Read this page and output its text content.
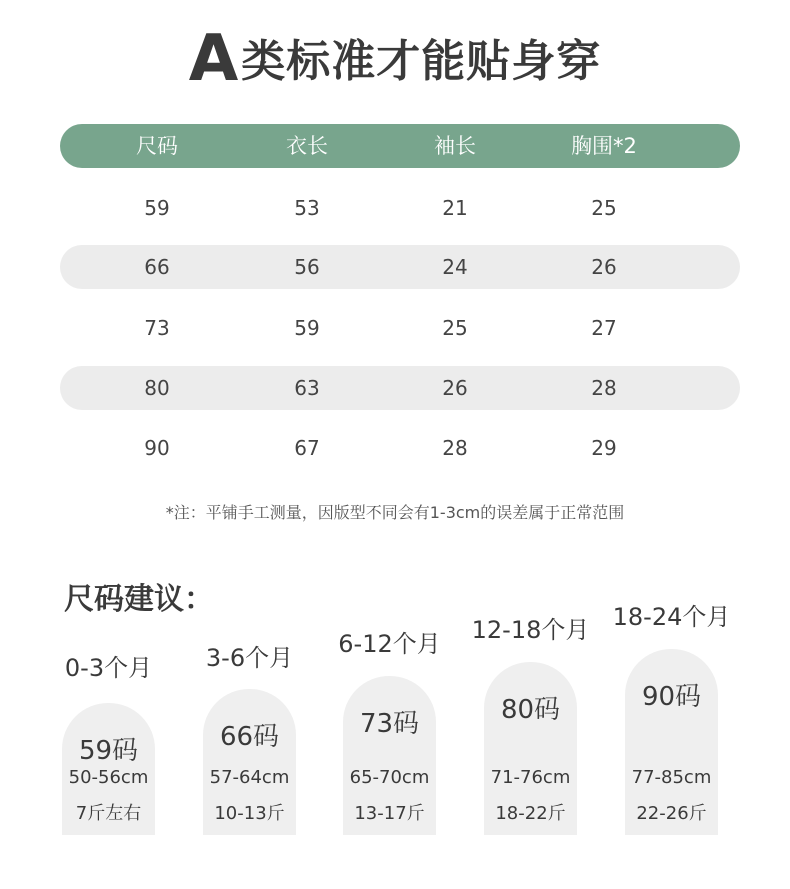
A类标准才能贴身穿
尺码	衣长	袖长	胸围*2
59	53	21	25
66	56	24	26
73	59	25	27
80	63	26	28
90	67	28	29
*注：平铺手工测量，因版型不同会有1-3cm的误差属于正常范围
尺码建议：
0-3个月
59码
50-56cm
7斤左右
3-6个月
66码
57-64cm
10-13斤
6-12个月
73码
65-70cm
13-17斤
12-18个月
80码
71-76cm
18-22斤
18-24个月
90码
77-85cm
22-26斤
